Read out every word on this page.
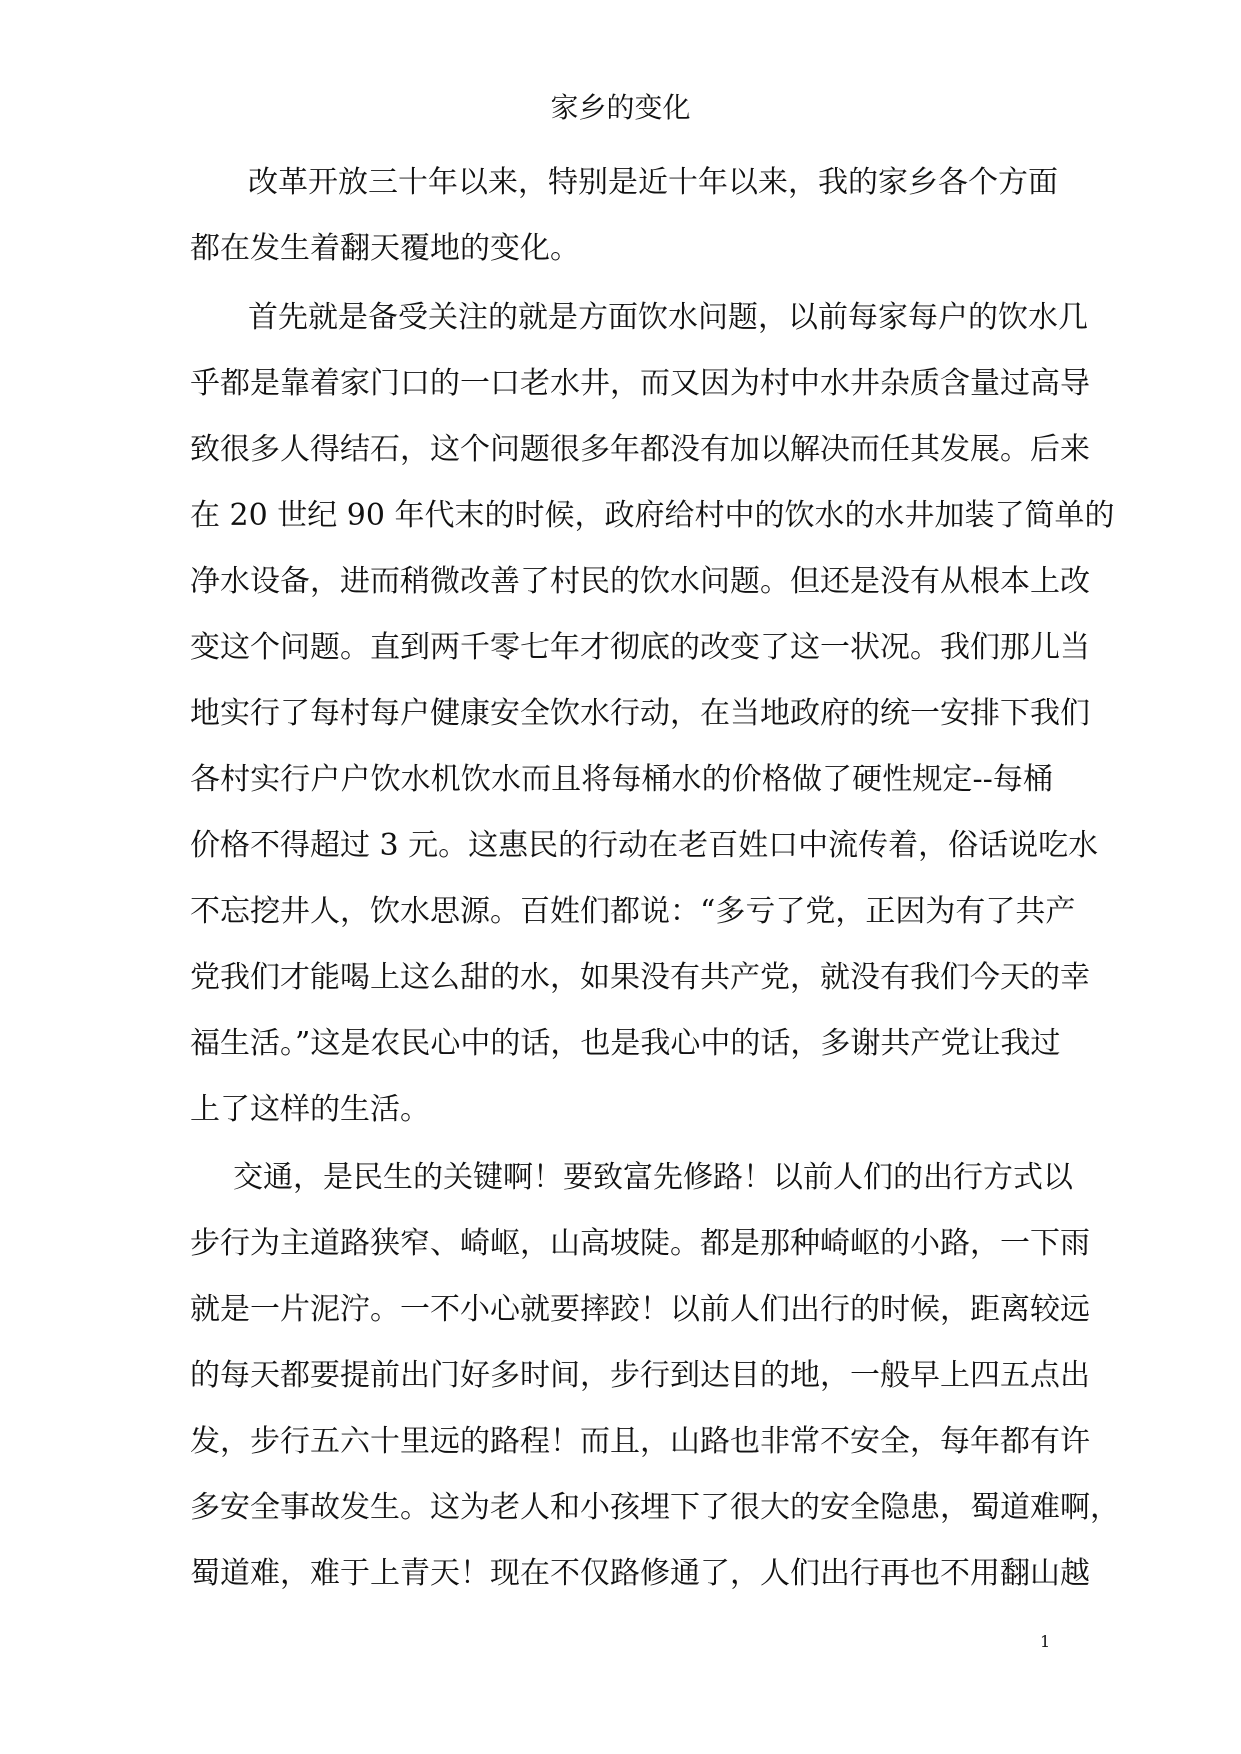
家乡的变化
改革开放三十年以来，特别是近十年以来，我的家乡各个方面
都在发生着翻天覆地的变化。
首先就是备受关注的就是方面饮水问题，以前每家每户的饮水几
乎都是靠着家门口的一口老水井，而又因为村中水井杂质含量过高导
致很多人得结石，这个问题很多年都没有加以解决而任其发展。后来
在 20 世纪 90 年代末的时候，政府给村中的饮水的水井加装了简单的
净水设备，进而稍微改善了村民的饮水问题。但还是没有从根本上改
变这个问题。直到两千零七年才彻底的改变了这一状况。我们那儿当
地实行了每村每户健康安全饮水行动，在当地政府的统一安排下我们
各村实行户户饮水机饮水而且将每桶水的价格做了硬性规定--每桶
价格不得超过 3 元。这惠民的行动在老百姓口中流传着，俗话说吃水
不忘挖井人，饮水思源。百姓们都说：“多亏了党，正因为有了共产
党我们才能喝上这么甜的水，如果没有共产党，就没有我们今天的幸
福生活。”这是农民心中的话，也是我心中的话，多谢共产党让我过
上了这样的生活。
交通，是民生的关键啊！要致富先修路！以前人们的出行方式以
步行为主道路狭窄、崎岖，山高坡陡。都是那种崎岖的小路，一下雨
就是一片泥泞。一不小心就要摔跤！以前人们出行的时候，距离较远
的每天都要提前出门好多时间，步行到达目的地，一般早上四五点出
发，步行五六十里远的路程！而且，山路也非常不安全，每年都有许
多安全事故发生。这为老人和小孩埋下了很大的安全隐患，蜀道难啊，
蜀道难，难于上青天！现在不仅路修通了，人们出行再也不用翻山越
1
